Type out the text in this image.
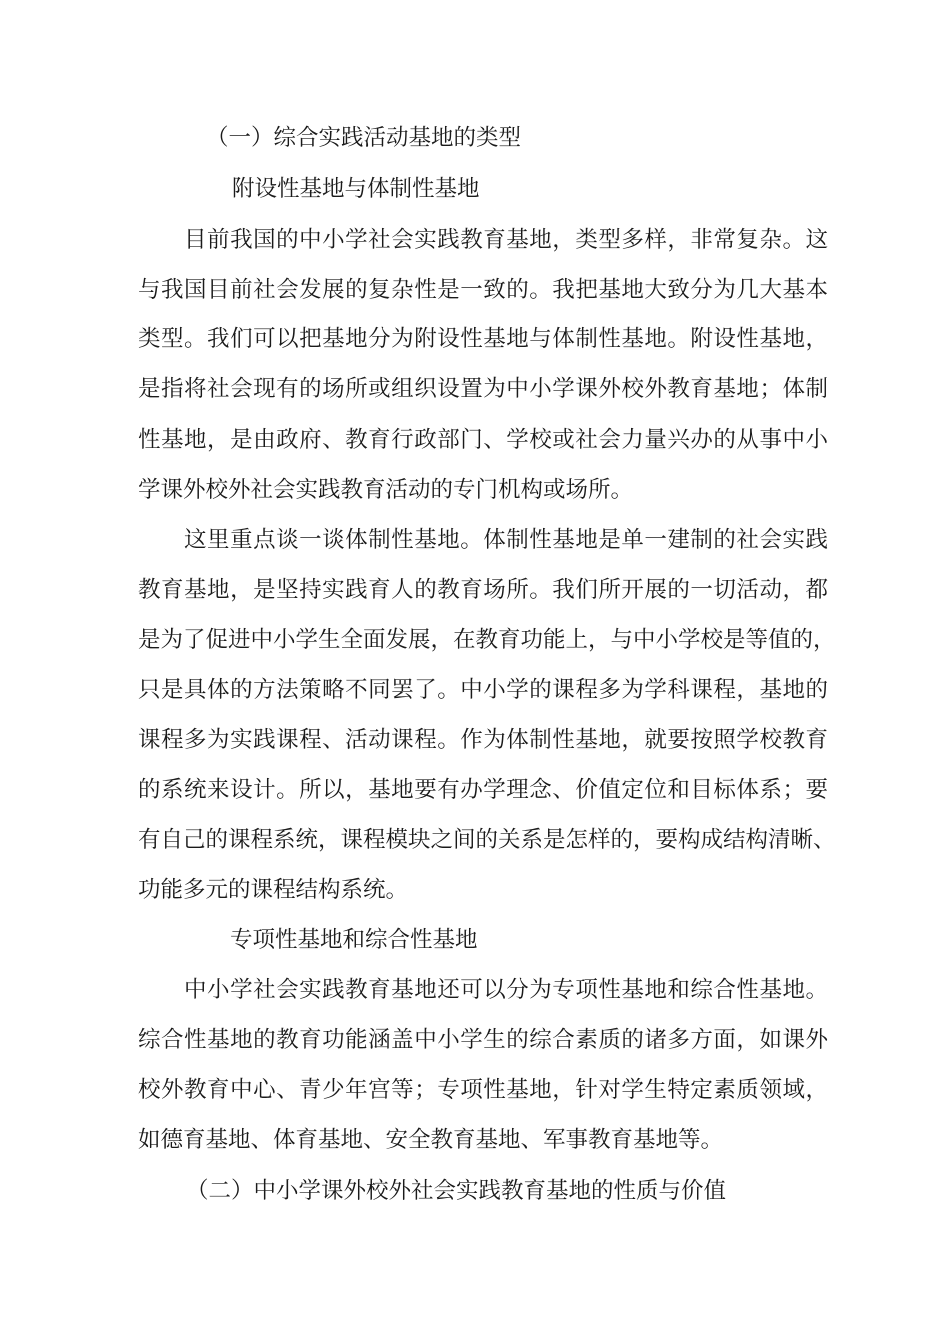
（一）综合实践活动基地的类型
附设性基地与体制性基地
　　目前我国的中小学社会实践教育基地，类型多样，非常复杂。这
与我国目前社会发展的复杂性是一致的。我把基地大致分为几大基本
类型。我们可以把基地分为附设性基地与体制性基地。附设性基地，
是指将社会现有的场所或组织设置为中小学课外校外教育基地；体制
性基地，是由政府、教育行政部门、学校或社会力量兴办的从事中小
学课外校外社会实践教育活动的专门机构或场所。
　　这里重点谈一谈体制性基地。体制性基地是单一建制的社会实践
教育基地，是坚持实践育人的教育场所。我们所开展的一切活动，都
是为了促进中小学生全面发展，在教育功能上，与中小学校是等值的，
只是具体的方法策略不同罢了。中小学的课程多为学科课程，基地的
课程多为实践课程、活动课程。作为体制性基地，就要按照学校教育
的系统来设计。所以，基地要有办学理念、价值定位和目标体系；要
有自己的课程系统，课程模块之间的关系是怎样的，要构成结构清晰、
功能多元的课程结构系统。
专项性基地和综合性基地
　　中小学社会实践教育基地还可以分为专项性基地和综合性基地。
综合性基地的教育功能涵盖中小学生的综合素质的诸多方面，如课外
校外教育中心、青少年宫等；专项性基地，针对学生特定素质领域，
如德育基地、体育基地、安全教育基地、军事教育基地等。
（二）中小学课外校外社会实践教育基地的性质与价值
